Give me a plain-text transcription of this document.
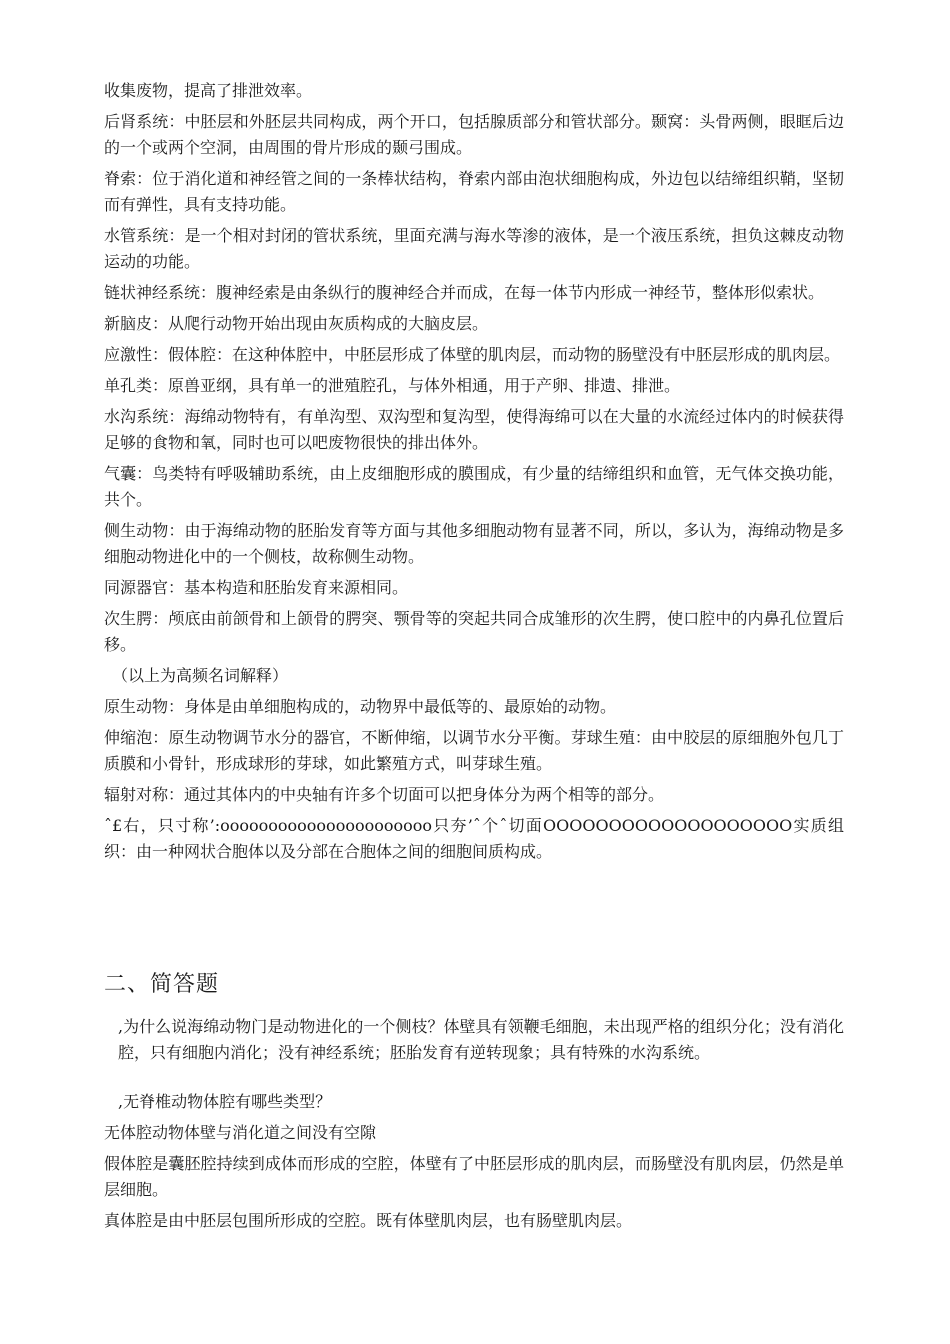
收集废物，提高了排泄效率。

后肾系统：中胚层和外胚层共同构成，两个开口，包括腺质部分和管状部分。颞窝：头骨两侧，眼眶后边的一个或两个空洞，由周围的骨片形成的颞弓围成。

脊索：位于消化道和神经管之间的一条棒状结构，脊索内部由泡状细胞构成，外边包以结缔组织鞘，坚韧而有弹性，具有支持功能。

水管系统：是一个相对封闭的管状系统，里面充满与海水等渗的液体，是一个液压系统，担负这棘皮动物运动的功能。

链状神经系统：腹神经索是由条纵行的腹神经合并而成，在每一体节内形成一神经节，整体形似索状。

新脑皮：从爬行动物开始出现由灰质构成的大脑皮层。

应激性：假体腔：在这种体腔中，中胚层形成了体壁的肌肉层，而动物的肠壁没有中胚层形成的肌肉层。

单孔类：原兽亚纲，具有单一的泄殖腔孔，与体外相通，用于产卵、排遗、排泄。

水沟系统：海绵动物特有，有单沟型、双沟型和复沟型，使得海绵可以在大量的水流经过体内的时候获得足够的食物和氧，同时也可以吧废物很快的排出体外。

气囊：鸟类特有呼吸辅助系统，由上皮细胞形成的膜围成，有少量的结缔组织和血管，无气体交换功能，共个。

侧生动物：由于海绵动物的胚胎发育等方面与其他多细胞动物有显著不同，所以，多认为，海绵动物是多细胞动物进化中的一个侧枝，故称侧生动物。

同源器官：基本构造和胚胎发育来源相同。

次生腭：颅底由前颌骨和上颌骨的腭突、颚骨等的突起共同合成雏形的次生腭，使口腔中的内鼻孔位置后移。

（以上为高频名词解释）

原生动物：身体是由单细胞构成的，动物界中最低等的、最原始的动物。

伸缩泡：原生动物调节水分的器官，不断伸缩，以调节水分平衡。芽球生殖：由中胶层的原细胞外包几丁质膜和小骨针，形成球形的芽球，如此繁殖方式，叫芽球生殖。

辐射对称：通过其体内的中央轴有许多个切面可以把身体分为两个相等的部分。

ˆ£右，只寸称’:oooooooooooooooooooooo只夯’ˆ个ˆ切面OOOOOOOOOOOOOOOOOOO实质组织：由一种网状合胞体以及分部在合胞体之间的细胞间质构成。

二、简答题

,为什么说海绵动物门是动物进化的一个侧枝？体壁具有领鞭毛细胞，未出现严格的组织分化；没有消化腔，只有细胞内消化；没有神经系统；胚胎发育有逆转现象；具有特殊的水沟系统。

,无脊椎动物体腔有哪些类型？

无体腔动物体壁与消化道之间没有空隙

假体腔是囊胚腔持续到成体而形成的空腔，体壁有了中胚层形成的肌肉层，而肠壁没有肌肉层，仍然是单层细胞。

真体腔是由中胚层包围所形成的空腔。既有体壁肌肉层，也有肠壁肌肉层。
